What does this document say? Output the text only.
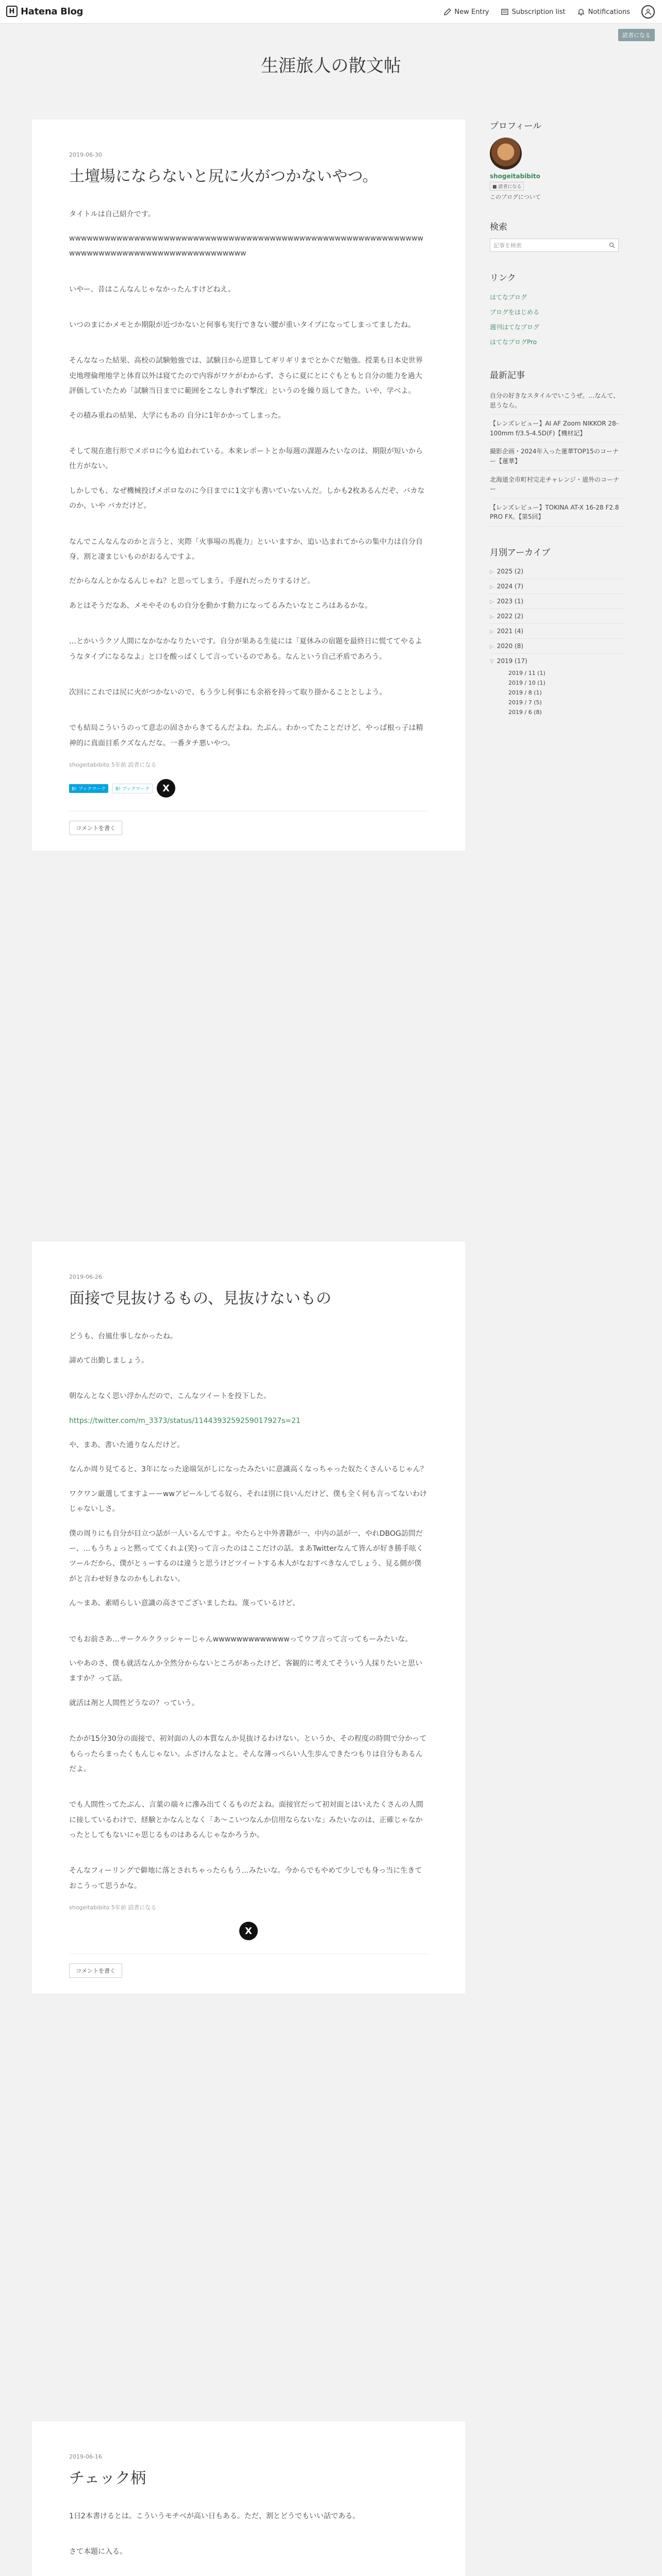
H Hatena Blog	New Entry	Subscription list	Notifications
読者になる
生涯旅人の散文帖
2019-06-30
土壇場にならないと尻に火がつかないやつ。

タイトルは自己紹介です。

wwwwwwwwwwwwwwwwwwwwwwwwwwwwwwwwwwwwwwwwwwwwwwwwwwwwwwwwwwwwwwwwwwwwwwwwwwwwwwwwwwwwwwwwww

いやー、昔はこんなんじゃなかったんすけどねえ。

いつのまにかメモとか期限が近づかないと何事も実行できない腰が重いタイプになってしまってましたね。

そんななった結果、高校の試験勉強では、試験日から逆算してギリギリまでとかぐだ勉強。授業も日本史世界史地理倫理地学と体育以外は寝てたので内容がワケがわからず、さらに夏にとにぐもともと自分の能力を過大評価していたため「試験当日までに範囲をこなしきれず撃沈」というのを繰り返してきた。いや、学べよ。

その積み重ねの結果、大学にもあの 自分に1年かかってしまった。

そして現在進行形でメボロに今も追われている。本来レポートとか毎週の課題みたいなのは、期限が短いから仕方がない。

しかしでも、なぜ機械投げメボロなのに今日までに1文字も書いていないんだ。しかも2枚あるんだぞ、バカなのか、いや バカだけど。

なんでこんなんなのかと言うと、実際「火事場の馬鹿力」といいますか、追い込まれてからの集中力は自分自身、割と凄まじいものがおるんですよ。

だからなんとかなるんじゃね？と思ってしまう。手遅れだったりするけど。

あとはそうだなあ、メモやそのもの自分を動かす動力になってるみたいなところはあるかな。

…とかいうクソ人間になかなかなりたいです。自分が果ある生徒には「夏休みの宿題を最終日に慌ててやるようなタイプになるなよ」と口を酸っぱくして言っているのである。なんという自己矛盾であろう。

次回にこれでは尻に火がつかないので、もう少し何事にも余裕を持って取り掛かることとしよう。

でも結局こういうのって意志の固さからきてるんだよね。たぶん。わかってたことだけど、やっぱ根っ子は精神的に真面目系クズなんだな。一番タチ悪いやつ。

shogeitabibito 5年前 読者になる
B! ブックマーク	B! ブックマーク	X
コメントを書く
2019-06-26
面接で見抜けるもの、見抜けないもの

どうも、台風仕事しなかったね。

諦めて出勤しましょう。

朝なんとなく思い浮かんだので、こんなツイートを投下した。

https://twitter.com/m_3373/status/1144393259259017927s=21

や、まあ、書いた通りなんだけど。

なんか周り見てると、3年になった途端気がしになったみたいに意識高くなっちゃった奴たくさんいるじゃん？

ワクワン厳選してますよーーwwアピールしてる奴ら、それは別に良いんだけど、僕も全く何も言ってないわけじゃないしさ。

僕の周りにも自分が目立つ話が一人いるんですよ。やたらと中外書籍が一、中内の話が一、やれDBOG訪問だー、…もうちょっと黙っててくれよ(笑)って言ったのはここだけの話。まあTwitterなんて皆んが好き勝手呟くツールだから、僕がとぅーするのは違うと思うけどツイートする本人がなおすべきなんでしょう、見る側が僕がと言わせ好きなのかもしれない。

ん～まあ、素晴らしい意識の高さでございましたね。蔑っているけど。

でもお前さあ…サークルクラッシャーじゃんwwwwwwwwwwwwwってウフ言って言ってもーみたいな。

いやあのさ、僕も就活なんか全然分からないところがあったけど、客観的に考えてそういう人採りたいと思いますか？って話。

就活は剤と人間性どうなの？っていう。

たかが15分30分の面接で、初対面の人の本質なんか見抜けるわけない。というか、その程度の時間で分かってもらったらまったくもんじゃない。ふざけんなよと。そんな薄っぺらい人生歩んできたつもりは自分もあるんだよ。

でも人間性ってたぶん、言葉の端々に滲み出てくるものだよね。面接官だって初対面とはいえたくさんの人間に接しているわけで、経験とかなんとなく「あ～こいつなんか信用ならないな」みたいなのは、正確じゃなかったとしてもないにゃ思じるものはあるんじゃなかろうか。

そんなフィーリングで僻地に落とされちゃったらもう…みたいな。今からでもやめて少しでも身っ当に生きておこうって思うかな。

shogeitabibito 5年前 読者になる
X
コメントを書く
2019-06-16
チェック柄

1日2本書けるとは。こういうモチベが高い日もある。ただ、割とどうでもいい話である。

さて本題に入る。

プロフィール
shogeitabibito
■ 読者になる
このブログについて
検索
記事を検索
リンク
はてなブログ
ブログをはじめる
週刊はてなブログ
はてなブログPro
最新記事
自分の好きなスタイルでいこうぜ。…なんて、思うなら。
【レンズレビュー】AI AF Zoom NIKKOR 28-100mm f/3.5-4.5D(F)【機材記】
撮影企画・2024年入った蓮華TOP15のコーナー【蓮華】
北海道全市町村完走チャレンジ・道外のコーナー
【レンズレビュー】TOKINA AT-X 16-28 F2.8 PRO FX。【第5回】
月別アーカイブ
▷ 2025 (2)
▷ 2024 (7)
▷ 2023 (1)
▷ 2022 (2)
▷ 2021 (4)
▷ 2020 (8)
▽ 2019 (17)
2019 / 11 (1)
2019 / 10 (1)
2019 / 8 (1)
2019 / 7 (5)
2019 / 6 (8)
